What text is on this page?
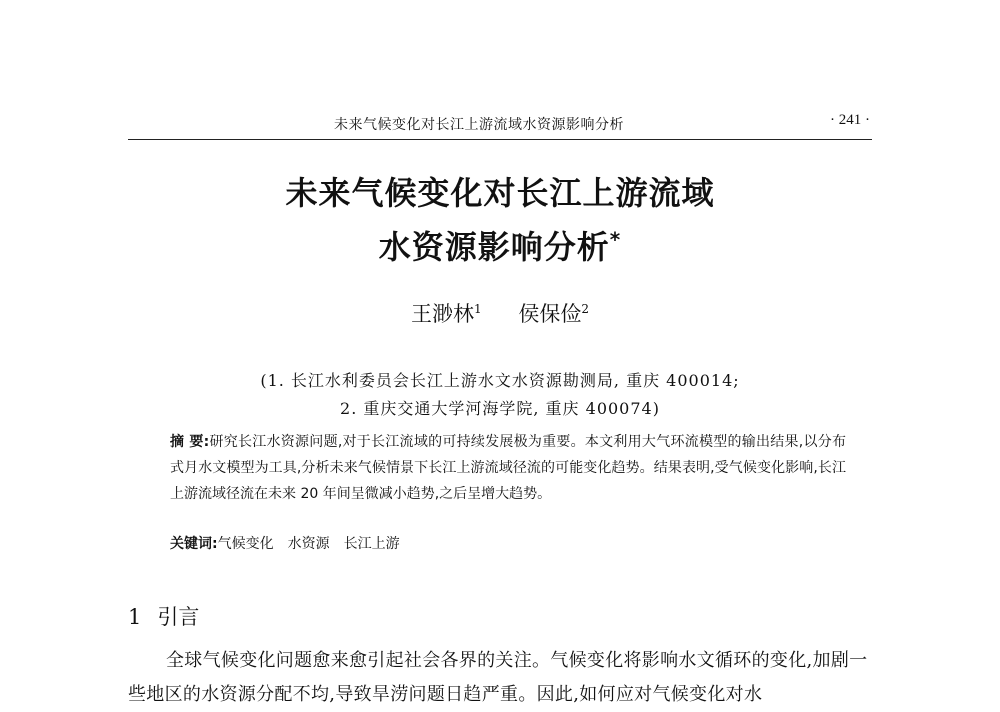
未来气候变化对长江上游流域水资源影响分析	· 241 ·
未来气候变化对长江上游流域
水资源影响分析*
王渺林$^1$ 侯保俭$^2$
(1. 长江水利委员会长江上游水文水资源勘测局, 重庆 400014;
2. 重庆交通大学河海学院, 重庆 400074)
摘 要:研究长江水资源问题,对于长江流域的可持续发展极为重要。本文利用大气环流模型的输出结果,以分布式月水文模型为工具,分析未来气候情景下长江上游流域径流的可能变化趋势。结果表明,受气候变化影响,长江上游流域径流在未来 20 年间呈微减小趋势,之后呈增大趋势。
关键词:气候变化 水资源 长江上游
1 引言
全球气候变化问题愈来愈引起社会各界的关注。气候变化将影响水文循环的变化,加剧一些地区的水资源分配不均,导致旱涝问题日趋严重。因此,如何应对气候变化对水
